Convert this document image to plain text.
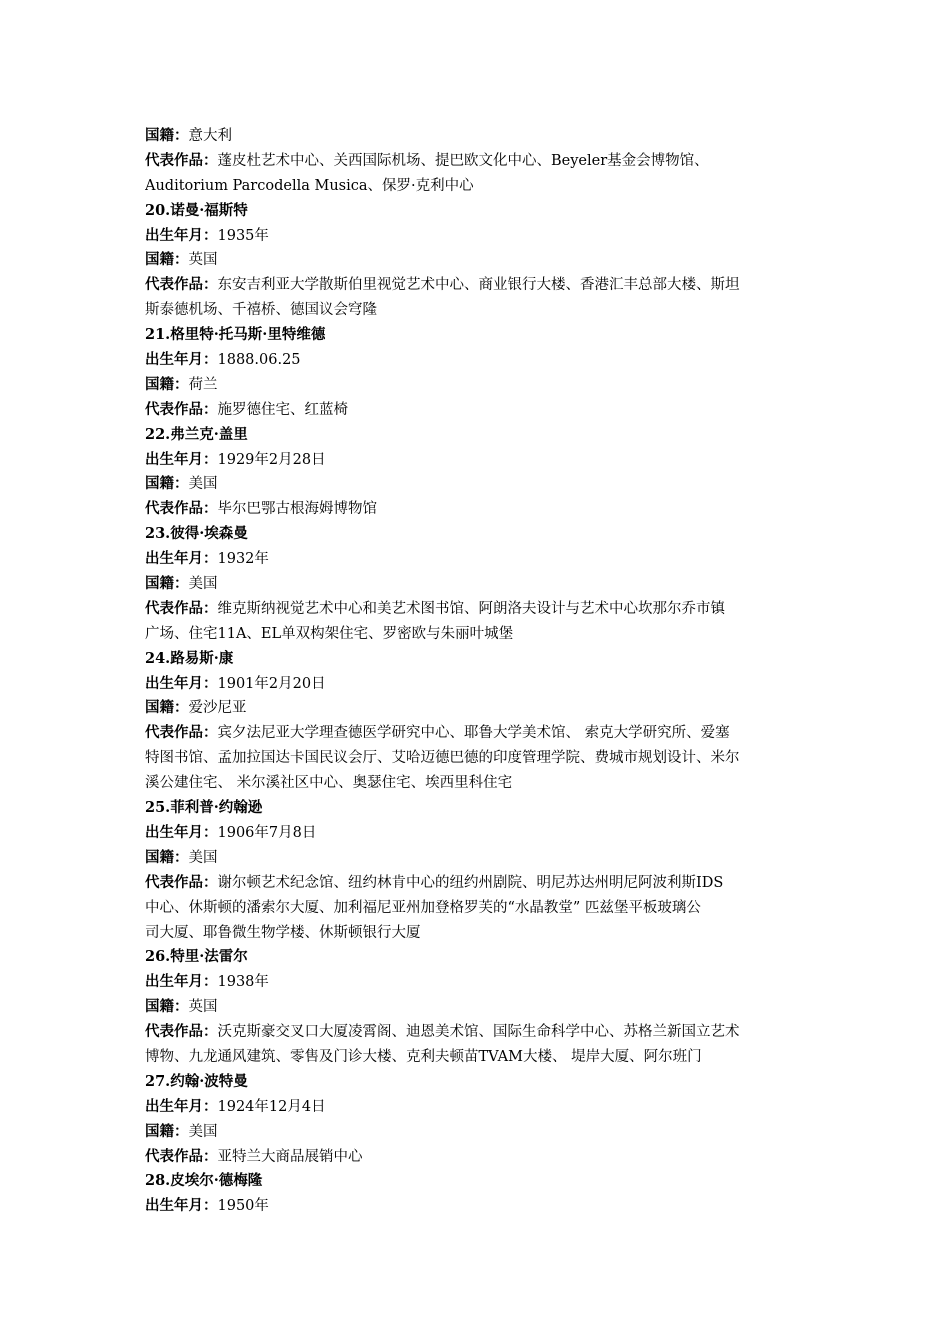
国籍：意大利
代表作品：蓬皮杜艺术中心、关西国际机场、提巴欧文化中心、Beyeler基金会博物馆、
Auditorium Parcodella Musica、保罗·克利中心
20.诺曼·福斯特
出生年月：1935年
国籍：英国
代表作品：东安吉利亚大学散斯伯里视觉艺术中心、商业银行大楼、香港汇丰总部大楼、斯坦
斯泰德机场、千禧桥、德国议会穹隆
21.格里特·托马斯·里特维德
出生年月：1888.06.25
国籍：荷兰
代表作品：施罗德住宅、红蓝椅
22.弗兰克·盖里
出生年月：1929年2月28日
国籍：美国
代表作品：毕尔巴鄂古根海姆博物馆
23.彼得·埃森曼
出生年月：1932年
国籍：美国
代表作品：维克斯纳视觉艺术中心和美艺术图书馆、阿朗洛夫设计与艺术中心坎那尔乔市镇
广场、住宅11A、EL单双构架住宅、罗密欧与朱丽叶城堡
24.路易斯·康
出生年月：1901年2月20日
国籍：爱沙尼亚
代表作品：宾夕法尼亚大学理查德医学研究中心、耶鲁大学美术馆、 索克大学研究所、爱塞
特图书馆、孟加拉国达卡国民议会厅、艾哈迈德巴德的印度管理学院、费城市规划设计、米尔
溪公建住宅、 米尔溪社区中心、奥瑟住宅、埃西里科住宅
25.菲利普·约翰逊
出生年月：1906年7月8日
国籍：美国
代表作品：谢尔顿艺术纪念馆、纽约林肯中心的纽约州剧院、明尼苏达州明尼阿波利斯IDS
中心、休斯顿的潘索尔大厦、加利福尼亚州加登格罗芙的“水晶教堂” 匹兹堡平板玻璃公
司大厦、耶鲁微生物学楼、休斯顿银行大厦
26.特里·法雷尔
出生年月：1938年
国籍：英国
代表作品：沃克斯豪交叉口大厦凌霄阁、迪恩美术馆、国际生命科学中心、苏格兰新国立艺术
博物、九龙通风建筑、零售及门诊大楼、克利夫顿苗TVAM大楼、 堤岸大厦、阿尔班门
27.约翰·波特曼
出生年月：1924年12月4日
国籍：美国
代表作品：亚特兰大商品展销中心
28.皮埃尔·德梅隆
出生年月：1950年
